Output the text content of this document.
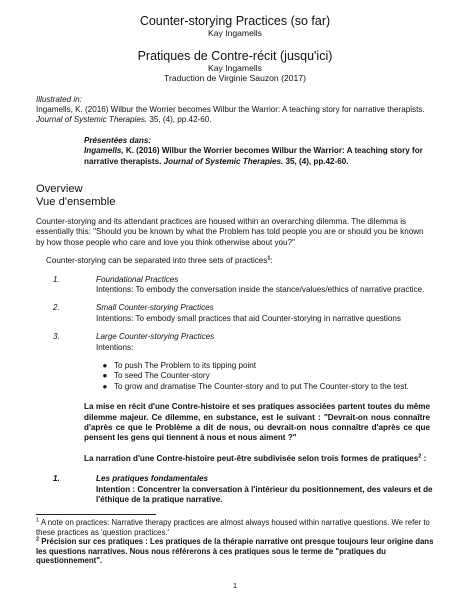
Counter-storying Practices (so far)
Kay Ingamells
Pratiques de Contre-récit (jusqu'ici)
Kay Ingamells
Traduction de Virginie Sauzon (2017)
Illustrated in:
Ingamells, K. (2016) Wilbur the Worrier becomes Wilbur the Warrior: A teaching story for narrative therapists. Journal of Systemic Therapies. 35, (4), pp.42-60.
Présentées dans:
Ingamells, K. (2016) Wilbur the Worrier becomes Wilbur the Warrior: A teaching story for narrative therapists. Journal of Systemic Therapies. 35, (4), pp.42-60.
Overview
Vue d'ensemble
Counter-storying and its attendant practices are housed within an overarching dilemma. The dilemma is essentially this: "Should you be known by what the Problem has told people you are or should you be known by how those people who care and love you think otherwise about you?"
Counter-storying can be separated into three sets of practices$^1$:
1.	Foundational Practices
Intentions: To embody the conversation inside the stance/values/ethics of narrative practice.
2.	Small Counter-storying Practices
Intentions: To embody small practices that aid Counter-storying in narrative questions
3.	Large Counter-storying Practices
Intentions:
● To push The Problem to its tipping point
● To seed The Counter-story
● To grow and dramatise The Counter-story and to put The Counter-story to the test.
La mise en récit d'une Contre-histoire et ses pratiques associées partent toutes du même dilemme majeur. Ce dilemme, en substance, est le suivant : "Devrait-on nous connaître d'après ce que le Problème a dit de nous, ou devrait-on nous connaître d'après ce que pensent les gens qui tiennent à nous et nous aiment ?"
La narration d'une Contre-histoire peut-être subdivisée selon trois formes de pratiques$^2$ :
1.	Les pratiques fondamentales
Intention : Concentrer la conversation à l'intérieur du positionnement, des valeurs et de l'éthique de la pratique narrative.
$^1$ A note on practices: Narrative therapy practices are almost always housed within narrative questions. We refer to these practices as 'question practices.'
$^2$ Précision sur ces pratiques : Les pratiques de la thérapie narrative ont presque toujours leur origine dans les questions narratives. Nous nous référerons à ces pratiques sous le terme de "pratiques du questionnement".
1
